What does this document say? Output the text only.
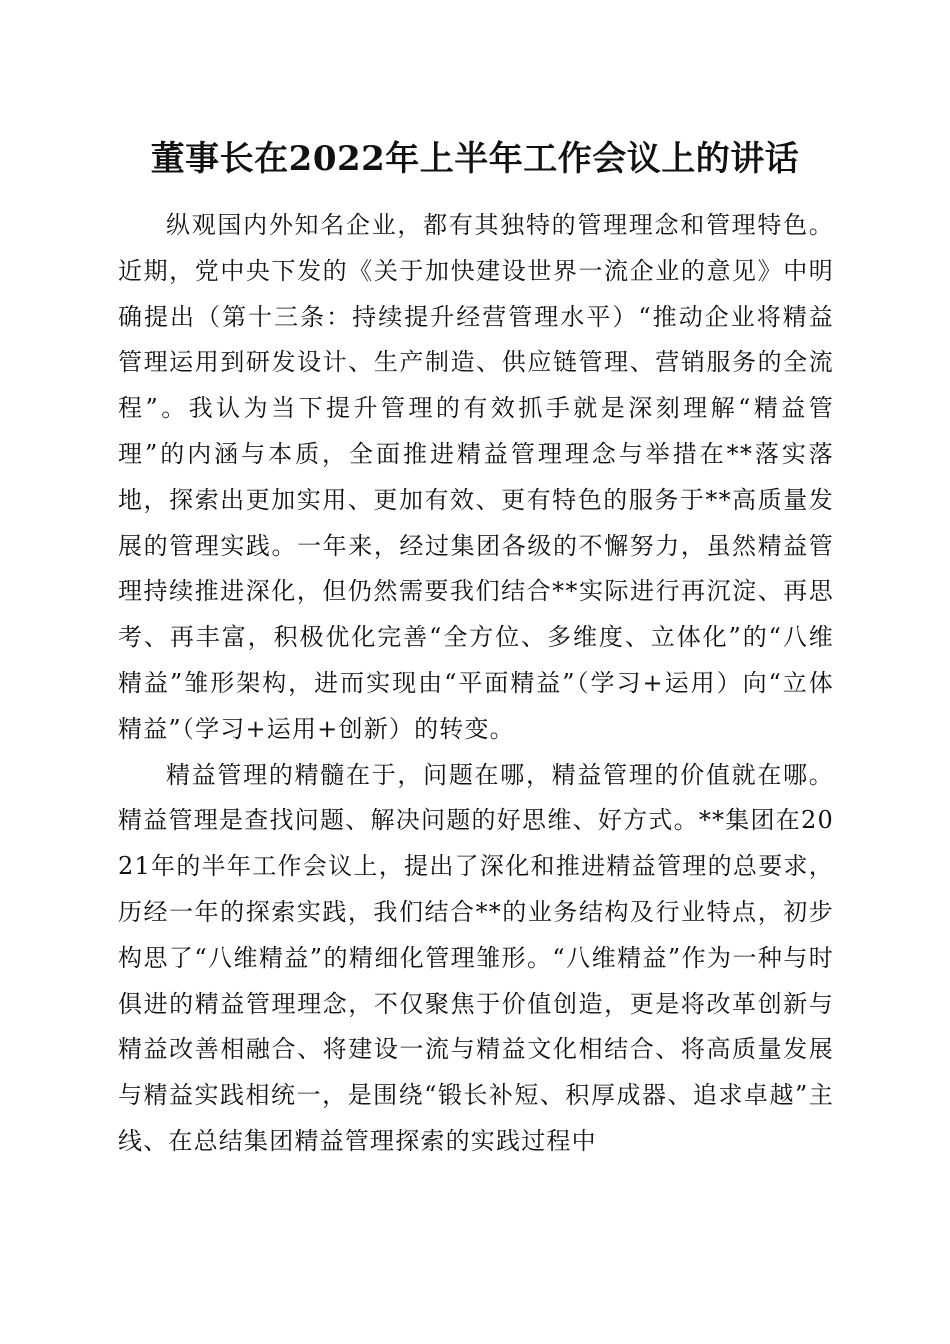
董事长在2022年上半年工作会议上的讲话

纵观国内外知名企业，都有其独特的管理理念和管理特色。近期，党中央下发的《关于加快建设世界一流企业的意见》中明确提出（第十三条：持续提升经营管理水平）“推动企业将精益管理运用到研发设计、生产制造、供应链管理、营销服务的全流程”。我认为当下提升管理的有效抓手就是深刻理解“精益管理”的内涵与本质，全面推进精益管理理念与举措在**落实落地，探索出更加实用、更加有效、更有特色的服务于**高质量发展的管理实践。一年来，经过集团各级的不懈努力，虽然精益管理持续推进深化，但仍然需要我们结合**实际进行再沉淀、再思考、再丰富，积极优化完善“全方位、多维度、立体化”的“八维精益”雏形架构，进而实现由“平面精益”（学习+运用）向“立体精益”（学习+运用+创新）的转变。

精益管理的精髓在于，问题在哪，精益管理的价值就在哪。精益管理是查找问题、解决问题的好思维、好方式。**集团在2021年的半年工作会议上，提出了深化和推进精益管理的总要求，历经一年的探索实践，我们结合**的业务结构及行业特点，初步构思了“八维精益”的精细化管理雏形。“八维精益”作为一种与时俱进的精益管理理念，不仅聚焦于价值创造，更是将改革创新与精益改善相融合、将建设一流与精益文化相结合、将高质量发展与精益实践相统一，是围绕“锻长补短、积厚成器、追求卓越”主线、在总结集团精益管理探索的实践过程中
